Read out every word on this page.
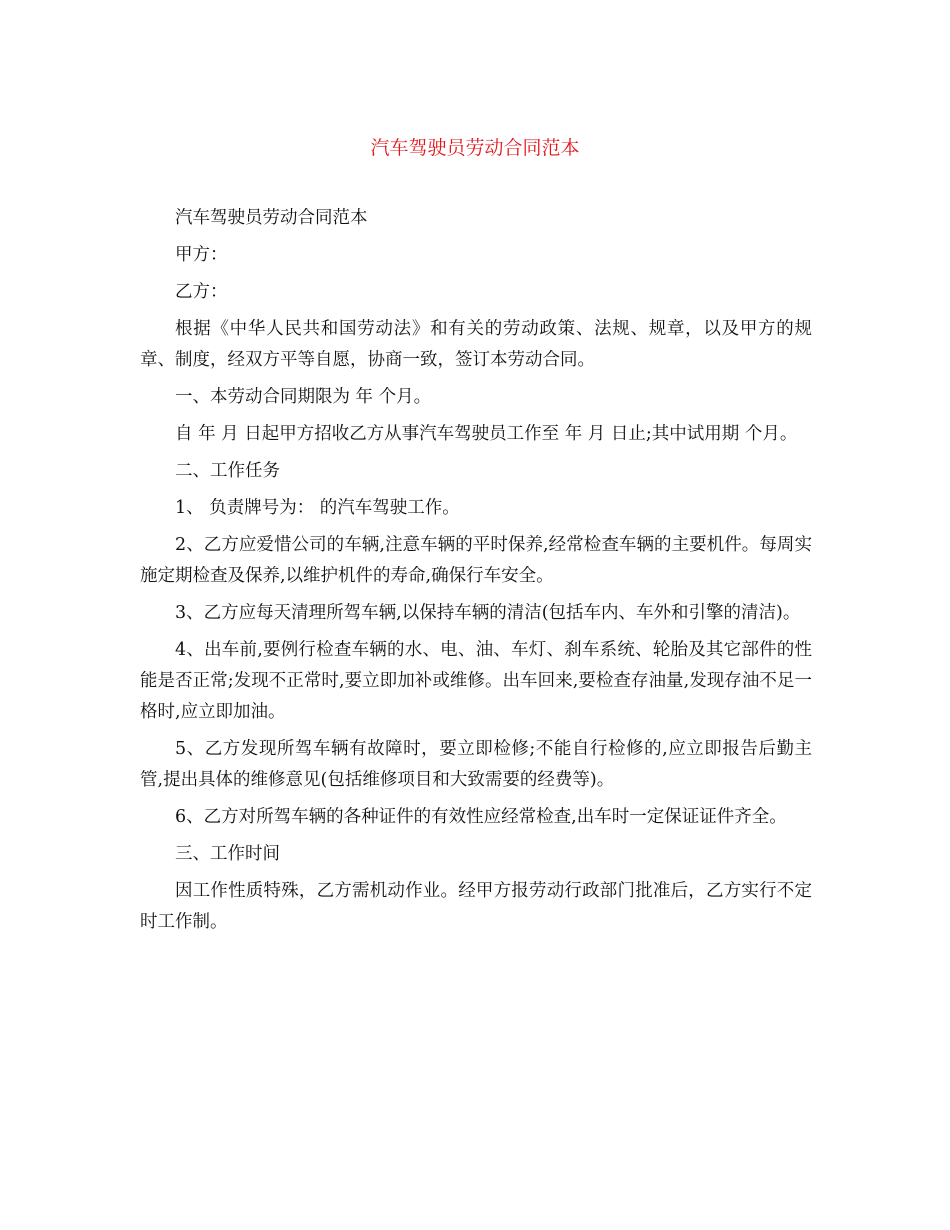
汽车驾驶员劳动合同范本

汽车驾驶员劳动合同范本

甲方：

乙方：

根据《中华人民共和国劳动法》和有关的劳动政策、法规、规章，以及甲方的规章、制度，经双方平等自愿，协商一致，签订本劳动合同。

一、本劳动合同期限为 年 个月。

自 年 月 日起甲方招收乙方从事汽车驾驶员工作至 年 月 日止;其中试用期 个月。

二、工作任务

1、 负责牌号为： 的汽车驾驶工作。

2、乙方应爱惜公司的车辆,注意车辆的平时保养,经常检查车辆的主要机件。每周实施定期检查及保养,以维护机件的寿命,确保行车安全。

3、乙方应每天清理所驾车辆,以保持车辆的清洁(包括车内、车外和引擎的清洁)。

4、出车前,要例行检查车辆的水、电、油、车灯、刹车系统、轮胎及其它部件的性能是否正常;发现不正常时,要立即加补或维修。出车回来,要检查存油量,发现存油不足一格时,应立即加油。

5、乙方发现所驾车辆有故障时，要立即检修;不能自行检修的,应立即报告后勤主管,提出具体的维修意见(包括维修项目和大致需要的经费等)。

6、乙方对所驾车辆的各种证件的有效性应经常检查,出车时一定保证证件齐全。

三、工作时间

因工作性质特殊，乙方需机动作业。经甲方报劳动行政部门批准后，乙方实行不定时工作制。
